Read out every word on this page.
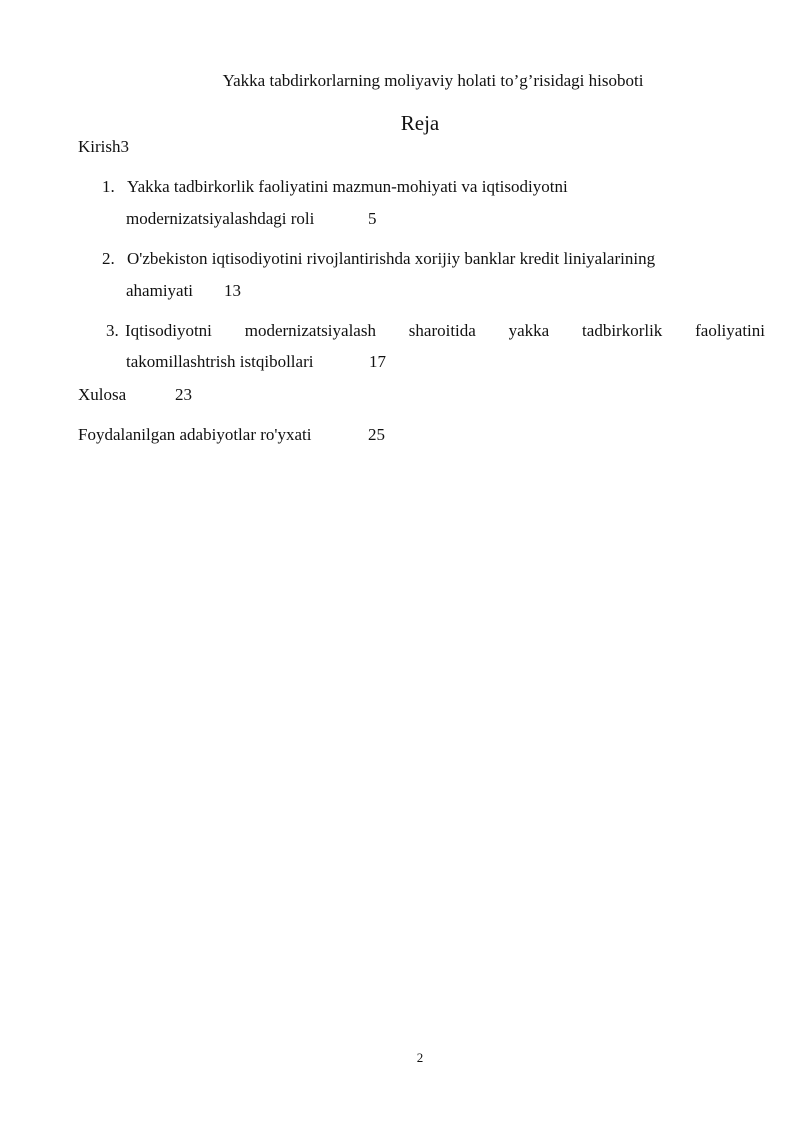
Yakka tabdirkorlarning moliyaviy holati to’g’risidagi hisoboti
Reja
Kirish3
1. Yakka tadbirkorlik faoliyatini mazmun-mohiyati va iqtisodiyotni
modernizatsiyalashdagi roli	5
2. O'zbekiston iqtisodiyotini rivojlantirishda xorijiy banklar kredit liniyalarining
ahamiyati 13
3. Iqtisodiyotni modernizatsiyalash sharoitida yakka tadbirkorlik faoliyatini
takomillashtrish istqibollari	17
Xulosa	23
Foydalanilgan adabiyotlar ro'yxati	25
2
